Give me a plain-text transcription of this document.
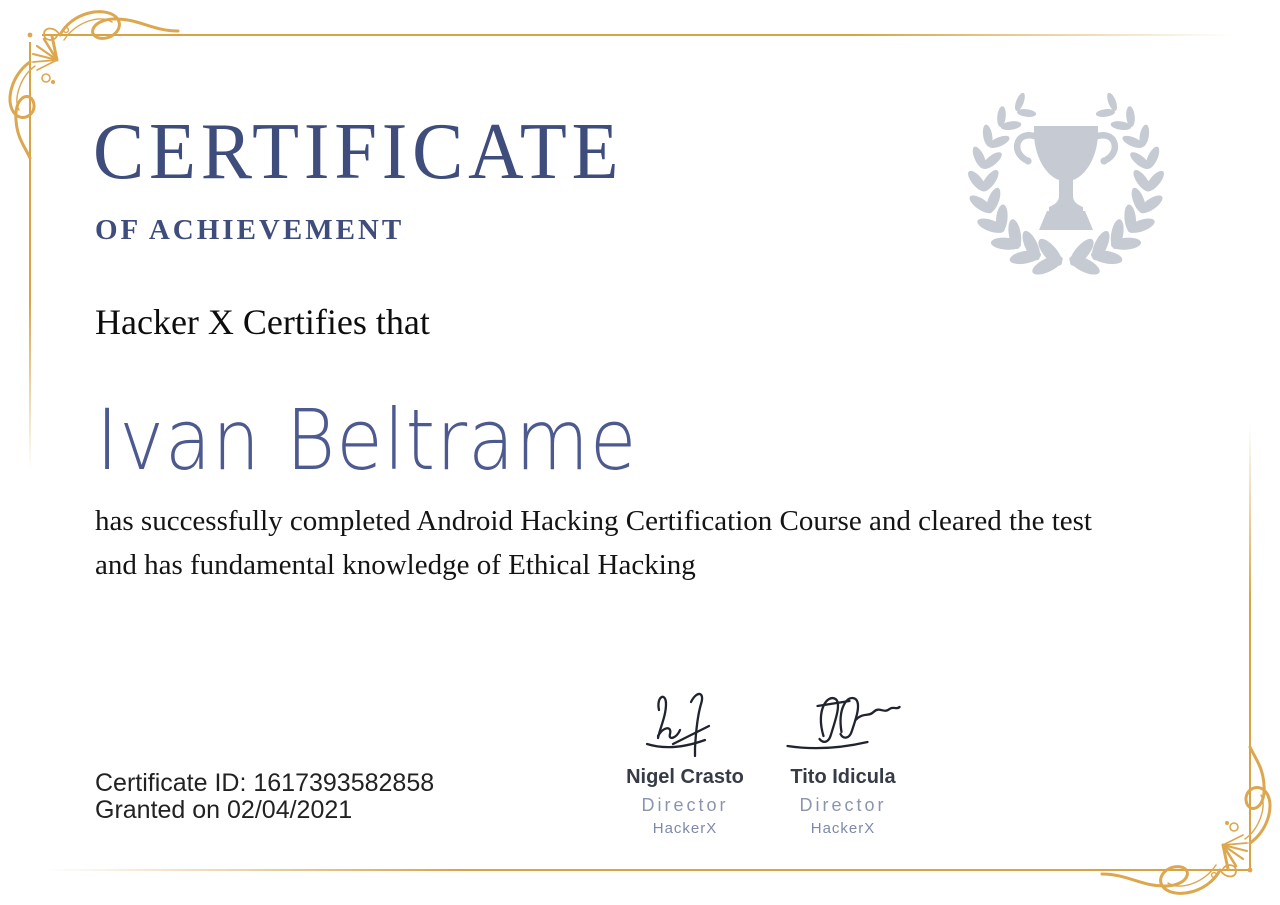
CERTIFICATE
OF ACHIEVEMENT
Hacker X Certifies that
Ivan Beltrame
has successfully completed Android Hacking Certification Course and cleared the test
and has fundamental knowledge of Ethical Hacking
Certificate ID: 1617393582858
Granted on 02/04/2021
Nigel Crasto
Director
HackerX
Tito Idicula
Director
HackerX
